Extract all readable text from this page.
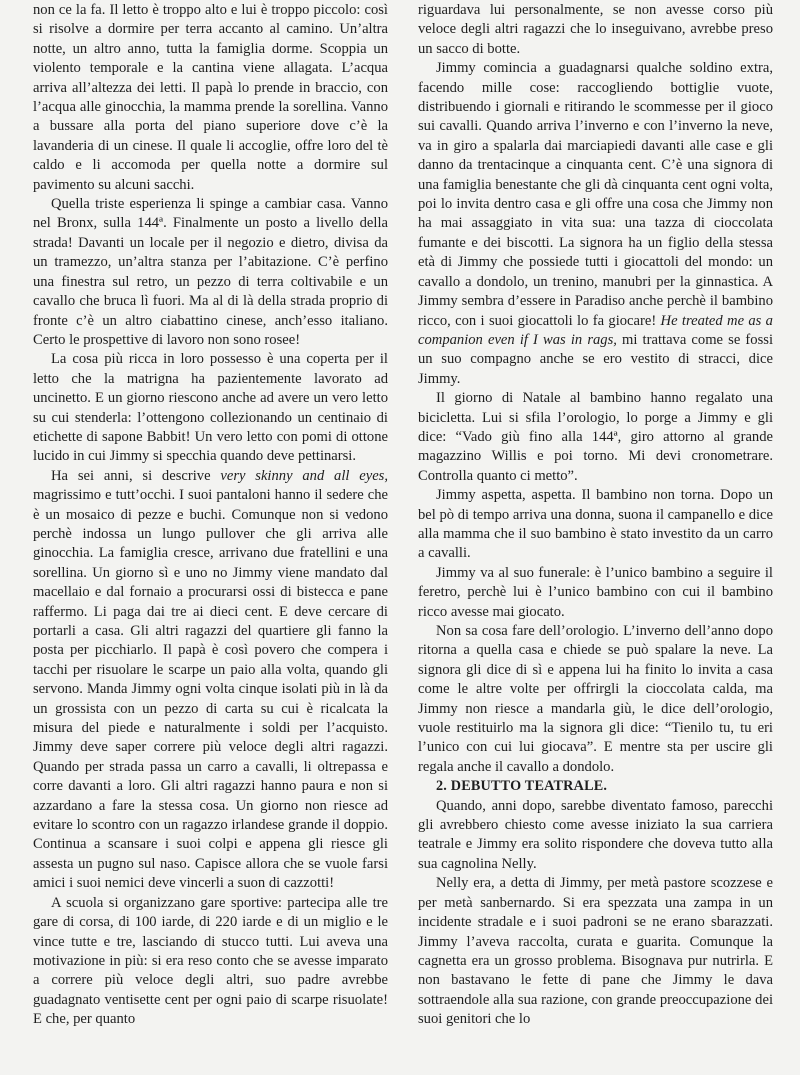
non ce la fa. Il letto è troppo alto e lui è troppo piccolo: così si risolve a dormire per terra accanto al camino. Un’altra notte, un altro anno, tutta la famiglia dorme. Scoppia un violento temporale e la cantina viene allagata. L’acqua arriva all’altezza dei letti. Il papà lo prende in braccio, con l’acqua alle ginocchia, la mamma prende la sorellina. Vanno a bussare alla porta del piano superiore dove c’è la lavanderia di un cinese. Il quale li accoglie, offre loro del tè caldo e li accomoda per quella notte a dormire sul pavimento su alcuni sacchi.

Quella triste esperienza li spinge a cambiar casa. Vanno nel Bronx, sulla 144ª. Finalmente un posto a livello della strada! Davanti un locale per il negozio e dietro, divisa da un tramezzo, un’altra stanza per l’abitazione. C’è perfino una finestra sul retro, un pezzo di terra coltivabile e un cavallo che bruca lì fuori. Ma al di là della strada proprio di fronte c’è un altro ciabattino cinese, anch’esso italiano. Certo le prospettive di lavoro non sono rosee!

La cosa più ricca in loro possesso è una coperta per il letto che la matrigna ha pazientemente lavorato ad uncinetto. E un giorno riescono anche ad avere un vero letto su cui stenderla: l’ottengono collezionando un centinaio di etichette di sapone Babbit! Un vero letto con pomi di ottone lucido in cui Jimmy si specchia quando deve pettinarsi.

Ha sei anni, si descrive very skinny and all eyes, magrissimo e tutt’occhi. I suoi pantaloni hanno il sedere che è un mosaico di pezze e buchi. Comunque non si vedono perchè indossa un lungo pullover che gli arriva alle ginocchia. La famiglia cresce, arrivano due fratellini e una sorellina. Un giorno sì e uno no Jimmy viene mandato dal macellaio e dal fornaio a procurarsi ossi di bistecca e pane raffermo. Li paga dai tre ai dieci cent. E deve cercare di portarli a casa. Gli altri ragazzi del quartiere gli fanno la posta per picchiarlo. Il papà è così povero che compera i tacchi per risuolare le scarpe un paio alla volta, quando gli servono. Manda Jimmy ogni volta cinque isolati più in là da un grossista con un pezzo di carta su cui è ricalcata la misura del piede e naturalmente i soldi per l’acquisto. Jimmy deve saper correre più veloce degli altri ragazzi. Quando per strada passa un carro a cavalli, li oltrepassa e corre davanti a loro. Gli altri ragazzi hanno paura e non si azzardano a fare la stessa cosa. Un giorno non riesce ad evitare lo scontro con un ragazzo irlandese grande il doppio. Continua a scansare i suoi colpi e appena gli riesce gli assesta un pugno sul naso. Capisce allora che se vuole farsi amici i suoi nemici deve vincerli a suon di cazzotti!

A scuola si organizzano gare sportive: partecipa alle tre gare di corsa, di 100 iarde, di 220 iarde e di un miglio e le vince tutte e tre, lasciando di stucco tutti. Lui aveva una motivazione in più: si era reso conto che se avesse imparato a correre più veloce degli altri, suo padre avrebbe guadagnato ventisette cent per ogni paio di scarpe risuolate! E che, per quanto

riguardava lui personalmente, se non avesse corso più veloce degli altri ragazzi che lo inseguivano, avrebbe preso un sacco di botte.

Jimmy comincia a guadagnarsi qualche soldino extra, facendo mille cose: raccogliendo bottiglie vuote, distribuendo i giornali e ritirando le scommesse per il gioco sui cavalli. Quando arriva l’inverno e con l’inverno la neve, va in giro a spalarla dai marciapiedi davanti alle case e gli danno da trentacinque a cinquanta cent. C’è una signora di una famiglia benestante che gli dà cinquanta cent ogni volta, poi lo invita dentro casa e gli offre una cosa che Jimmy non ha mai assaggiato in vita sua: una tazza di cioccolata fumante e dei biscotti. La signora ha un figlio della stessa età di Jimmy che possiede tutti i giocattoli del mondo: un cavallo a dondolo, un trenino, manubri per la ginnastica. A Jimmy sembra d’essere in Paradiso anche perchè il bambino ricco, con i suoi giocattoli lo fa giocare! He treated me as a companion even if I was in rags, mi trattava come se fossi un suo compagno anche se ero vestito di stracci, dice Jimmy.

Il giorno di Natale al bambino hanno regalato una bicicletta. Lui si sfila l’orologio, lo porge a Jimmy e gli dice: “Vado giù fino alla 144ª, giro attorno al grande magazzino Willis e poi torno. Mi devi cronometrare. Controlla quanto ci metto”.

Jimmy aspetta, aspetta. Il bambino non torna. Dopo un bel pò di tempo arriva una donna, suona il campanello e dice alla mamma che il suo bambino è stato investito da un carro a cavalli.

Jimmy va al suo funerale: è l’unico bambino a seguire il feretro, perchè lui è l’unico bambino con cui il bambino ricco avesse mai giocato.

Non sa cosa fare dell’orologio. L’inverno dell’anno dopo ritorna a quella casa e chiede se può spalare la neve. La signora gli dice di sì e appena lui ha finito lo invita a casa come le altre volte per offrirgli la cioccolata calda, ma Jimmy non riesce a mandarla giù, le dice dell’orologio, vuole restituirlo ma la signora gli dice: “Tienilo tu, tu eri l’unico con cui lui giocava”. E mentre sta per uscire gli regala anche il cavallo a dondolo.

2. DEBUTTO TEATRALE.

Quando, anni dopo, sarebbe diventato famoso, parecchi gli avrebbero chiesto come avesse iniziato la sua carriera teatrale e Jimmy era solito rispondere che doveva tutto alla sua cagnolina Nelly.

Nelly era, a detta di Jimmy, per metà pastore scozzese e per metà sanbernardo. Si era spezzata una zampa in un incidente stradale e i suoi padroni se ne erano sbarazzati. Jimmy l’aveva raccolta, curata e guarita. Comunque la cagnetta era un grosso problema. Bisognava pur nutrirla. E non bastavano le fette di pane che Jimmy le dava sottraendole alla sua razione, con grande preoccupazione dei suoi genitori che lo
